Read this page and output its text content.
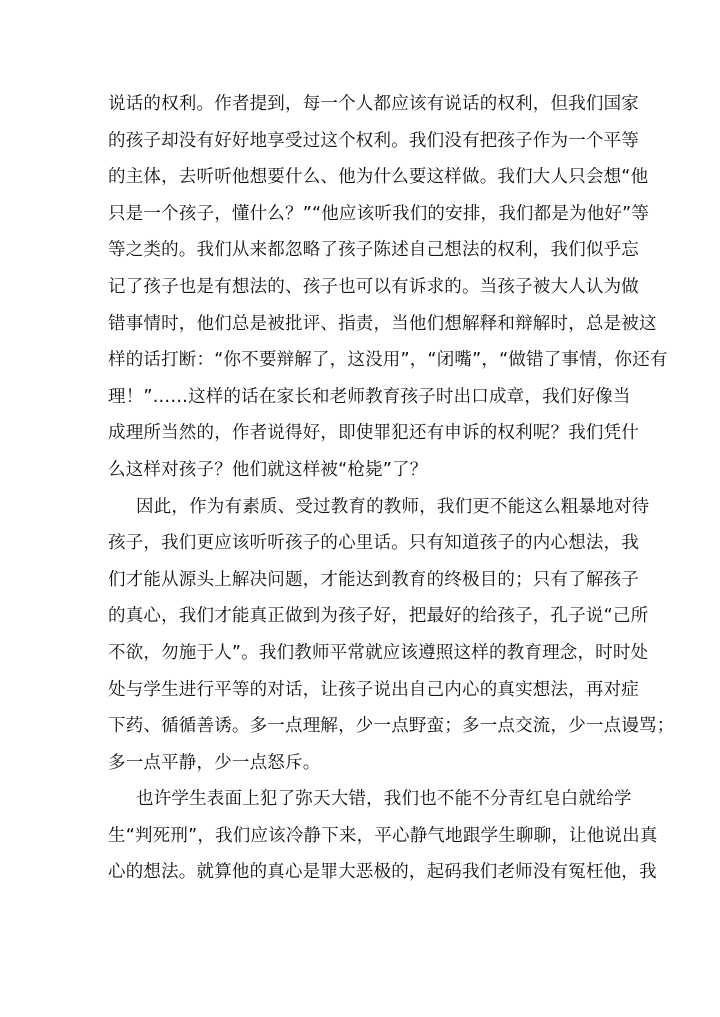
说话的权利。作者提到，每一个人都应该有说话的权利，但我们国家
的孩子却没有好好地享受过这个权利。我们没有把孩子作为一个平等
的主体，去听听他想要什么、他为什么要这样做。我们大人只会想“他
只是一个孩子，懂什么？”“他应该听我们的安排，我们都是为他好”等
等之类的。我们从来都忽略了孩子陈述自己想法的权利，我们似乎忘
记了孩子也是有想法的、孩子也可以有诉求的。当孩子被大人认为做
错事情时，他们总是被批评、指责，当他们想解释和辩解时，总是被这
样的话打断：“你不要辩解了，这没用”，“闭嘴”，“做错了事情，你还有
理！”……这样的话在家长和老师教育孩子时出口成章，我们好像当
成理所当然的，作者说得好，即使罪犯还有申诉的权利呢？我们凭什
么这样对孩子？他们就这样被“枪毙”了？
因此，作为有素质、受过教育的教师，我们更不能这么粗暴地对待
孩子，我们更应该听听孩子的心里话。只有知道孩子的内心想法，我
们才能从源头上解决问题，才能达到教育的终极目的；只有了解孩子
的真心，我们才能真正做到为孩子好，把最好的给孩子，孔子说“己所
不欲，勿施于人”。我们教师平常就应该遵照这样的教育理念，时时处
处与学生进行平等的对话，让孩子说出自己内心的真实想法，再对症
下药、循循善诱。多一点理解，少一点野蛮；多一点交流，少一点谩骂；
多一点平静，少一点怒斥。
也许学生表面上犯了弥天大错，我们也不能不分青红皂白就给学
生“判死刑”，我们应该冷静下来，平心静气地跟学生聊聊，让他说出真
心的想法。就算他的真心是罪大恶极的，起码我们老师没有冤枉他，我
